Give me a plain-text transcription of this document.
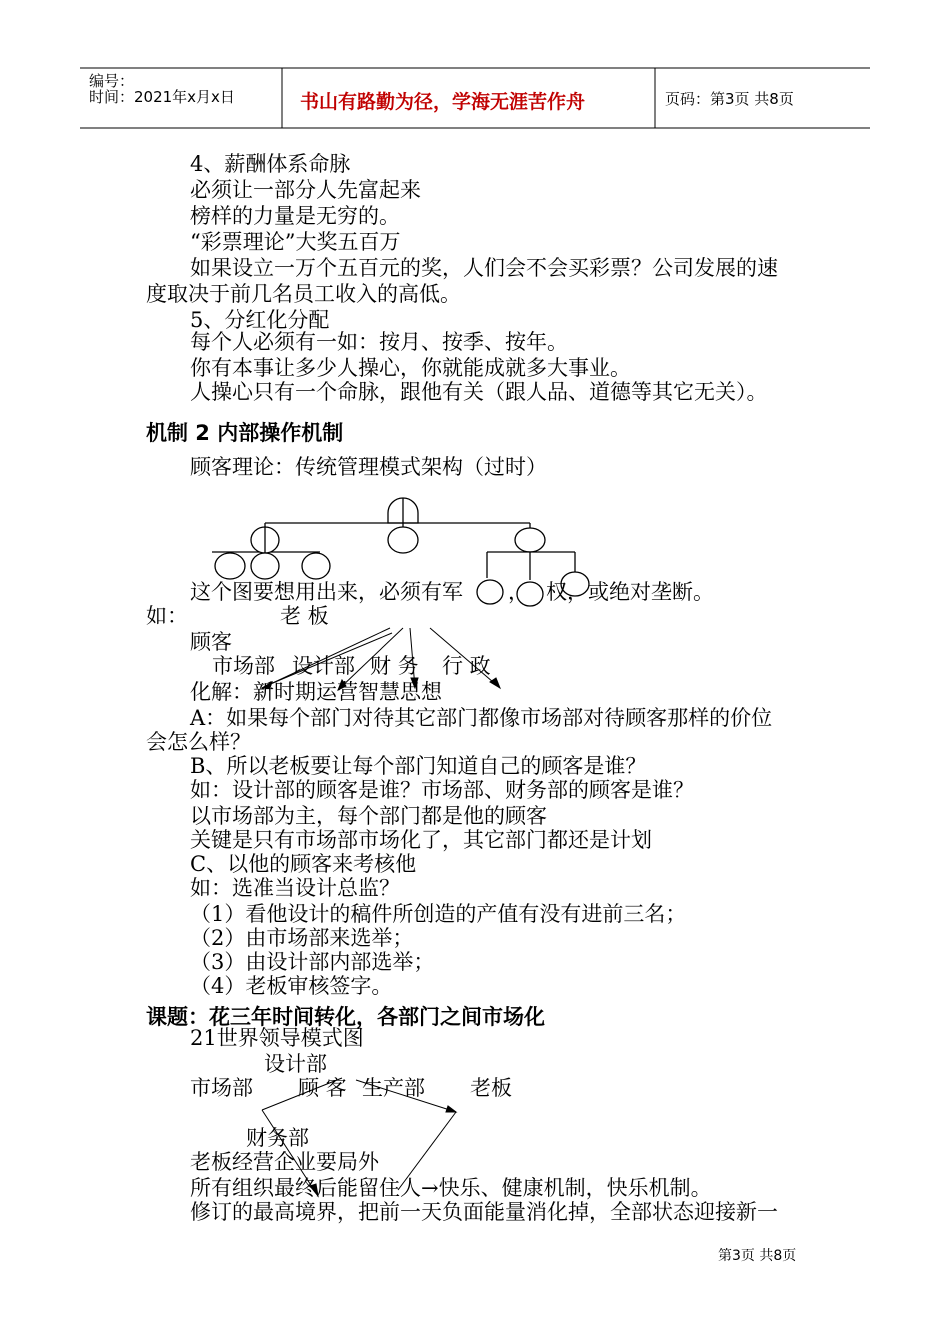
编号：
时间：2021年x月x日	书山有路勤为径，学海无涯苦作舟	页码：第3页 共8页
4、薪酬体系命脉
必须让一部分人先富起来
榜样的力量是无穷的。
“彩票理论”大奖五百万
如果设立一万个五百元的奖，人们会不会买彩票？公司发展的速
度取决于前几名员工收入的高低。
5、分红化分配
每个人必须有一如：按月、按季、按年。
你有本事让多少人操心，你就能成就多大事业。
人操心只有一个命脉，跟他有关（跟人品、道德等其它无关）。
机制 2 内部操作机制
顾客理论：传统管理模式架构（过时）
这个图要想用出来，必须有军 ， 权，或绝对垄断。
如：	老 板
顾客
市场部 设计部 财 务 行 政
化解：新时期运营智慧思想
A：如果每个部门对待其它部门都像市场部对待顾客那样的价位
会怎么样？
B、所以老板要让每个部门知道自己的顾客是谁？
如：设计部的顾客是谁？市场部、财务部的顾客是谁？
以市场部为主，每个部门都是他的顾客
关键是只有市场部市场化了，其它部门都还是计划
C、以他的顾客来考核他
如：选准当设计总监？
（1）看他设计的稿件所创造的产值有没有进前三名；
（2）由市场部来选举；
（3）由设计部内部选举；
（4）老板审核签字。
课题：花三年时间转化，各部门之间市场化
21世界领导模式图
设计部
市场部 顾 客 生产部 老板
财务部
老板经营企业要局外
所有组织最终后能留住人→快乐、健康机制，快乐机制。
修订的最高境界，把前一天负面能量消化掉，全部状态迎接新一
第3页 共8页
